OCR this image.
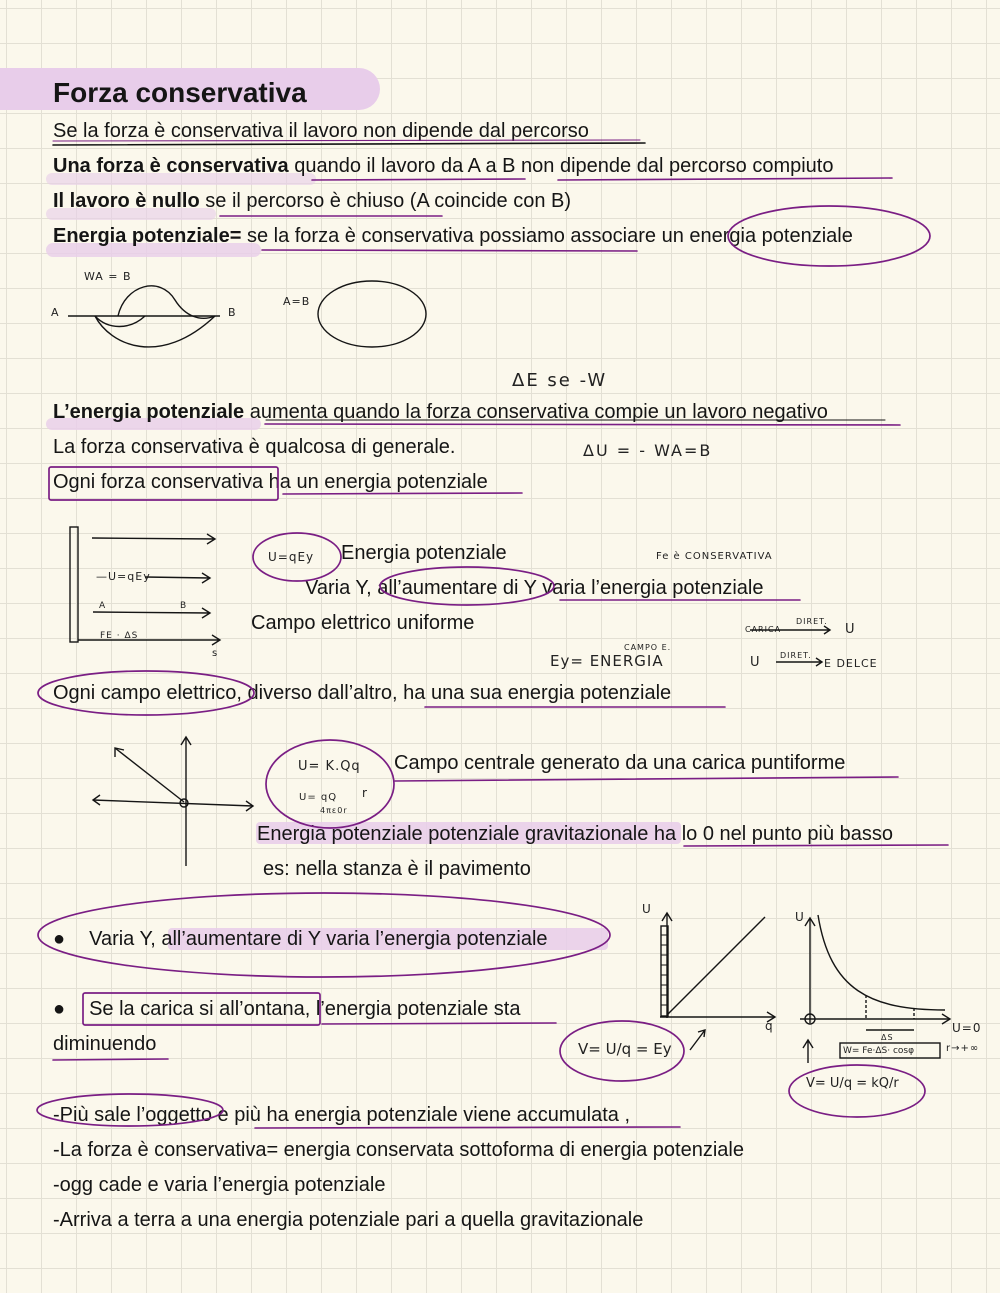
Forza conservativa
Se la forza è conservativa il lavoro non dipende dal percorso
Una forza è conservativa quando il lavoro da A a B non dipende dal percorso compiuto
Il lavoro è nullo se il percorso è chiuso (A coincide con B)
Energia potenziale= se la forza è conservativa possiamo associare un energia potenziale
L’energia potenziale aumenta quando la forza conservativa compie un lavoro negativo
La forza conservativa è qualcosa di generale.
Ogni forza conservativa ha un energia potenziale
Energia potenziale
Varia Y, all’aumentare di Y varia l’energia potenziale
Campo elettrico uniforme
Ogni campo elettrico, diverso dall’altro, ha una sua energia potenziale
Campo centrale generato da una carica puntiforme
Energia potenziale potenziale gravitazionale ha lo 0 nel punto più basso
es: nella stanza è il pavimento
● Varia Y, all’aumentare di Y varia l’energia potenziale
● Se la carica si all’ontana, l’energia potenziale sta
diminuendo
-Più sale l’oggetto e più ha energia potenziale viene accumulata ,
-La forza è conservativa= energia conservata sottoforma di energia potenziale
-ogg cade e varia l’energia potenziale
-Arriva a terra a una energia potenziale pari a quella gravitazionale
WA = B
A	B
A=B
ΔE se -W
ΔU = - WA=B
U=qEy	Fe è CONSERVATIVA
—U=qEy
A	B
FE · ΔS
s
CARICA
DIRET.
U
CAMPO E.
Ey= ENERGIA	U DIRET.
E DELCE
U= K.Qq
r
U= qQ
4πε0r
V= U/q = Ey
V= U/q = kQ/r
U
q
U
U=0
r→+∞
W= Fe·ΔS· cosφ
ΔS
